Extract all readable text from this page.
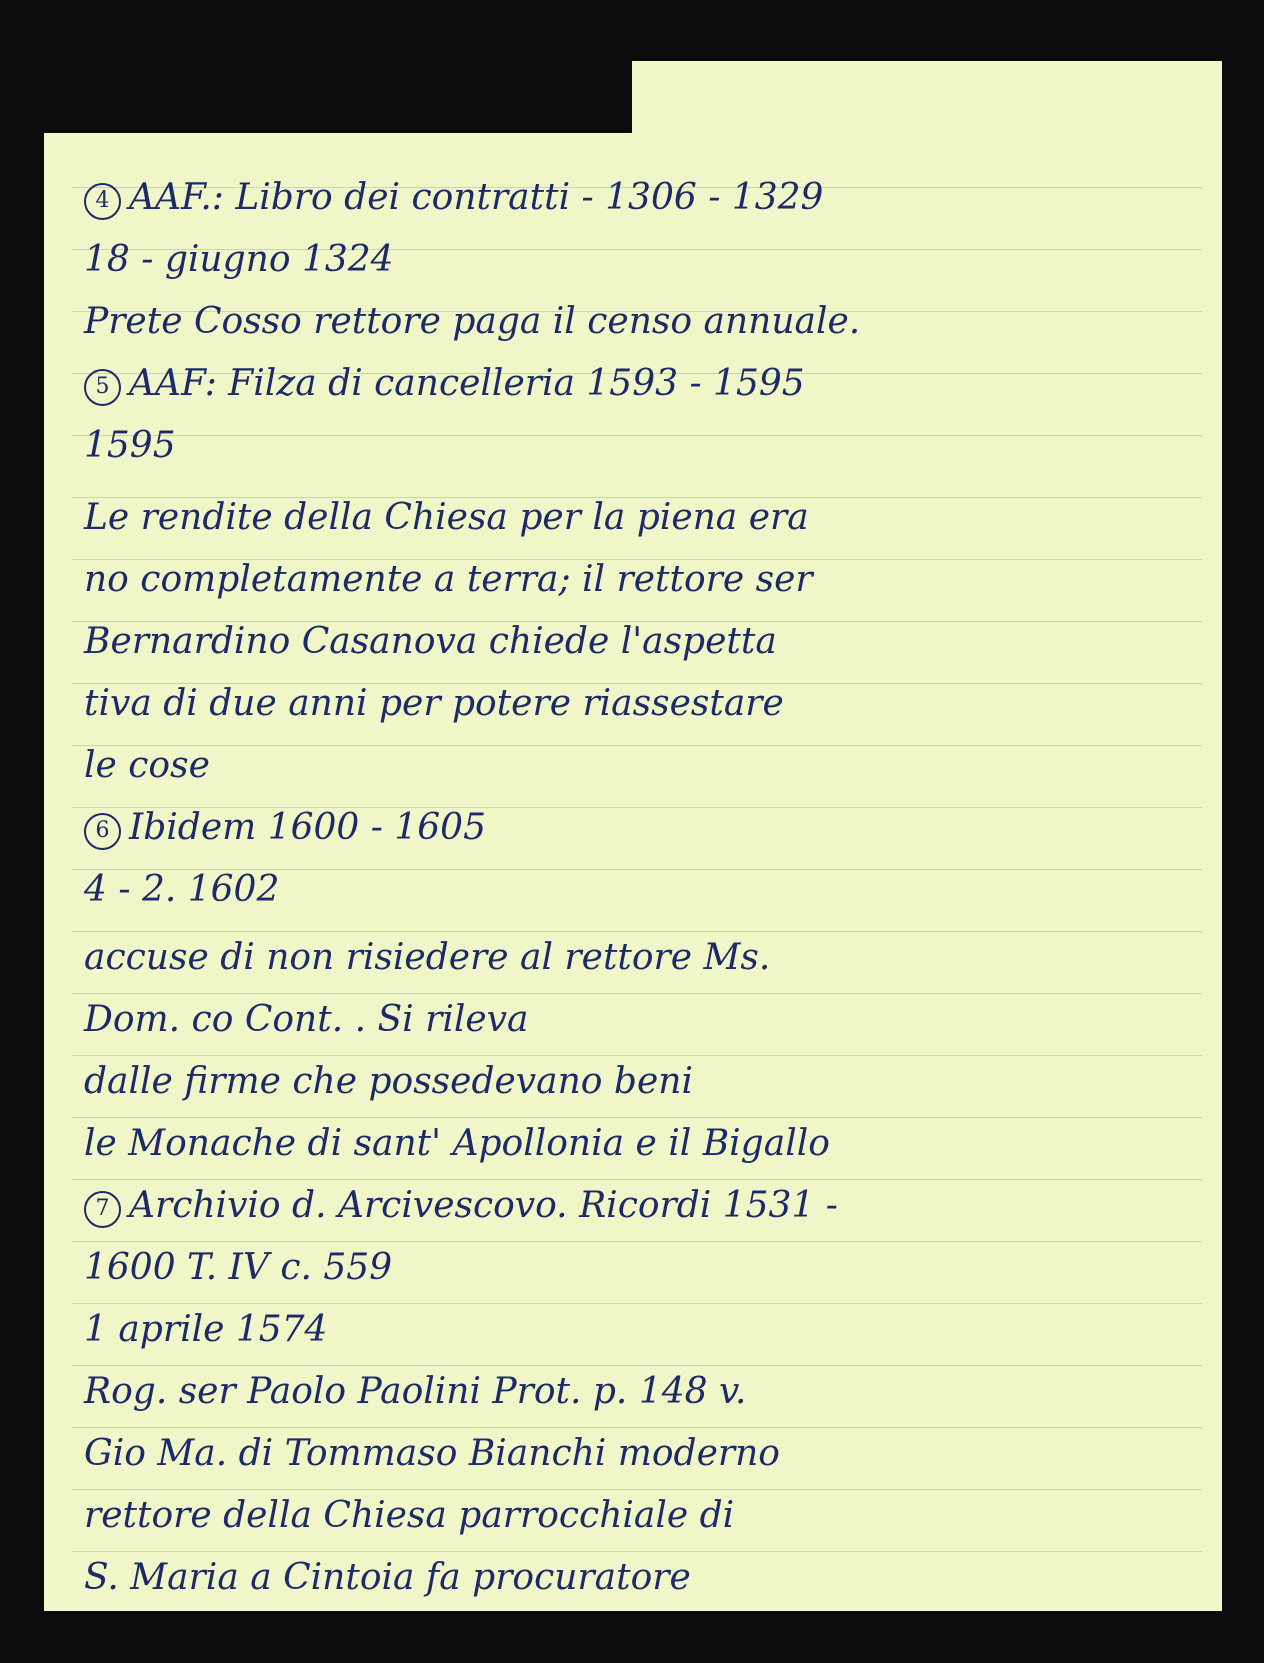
4 AAF.: Libro dei contratti - 1306 - 1329
18 - giugno 1324
Prete Cosso rettore paga il censo annuale.
5 AAF: Filza di cancelleria 1593 - 1595
1595
Le rendite della Chiesa per la piena era
no completamente a terra; il rettore ser
Bernardino Casanova chiede l'aspetta
tiva di due anni per potere riassestare
le cose
6 Ibidem 1600 - 1605
4 - 2. 1602
accuse di non risiedere al rettore Ms.
Dom. co Cont. . Si rileva
dalle firme che possedevano beni
le Monache di sant' Apollonia e il Bigallo
7 Archivio d. Arcivescovo. Ricordi 1531 -
1600 T. IV c. 559
1 aprile 1574
Rog. ser Paolo Paolini Prot. p. 148 v.
Gio Ma. di Tommaso Bianchi moderno
rettore della Chiesa parrocchiale di
S. Maria a Cintoia fa procuratore
